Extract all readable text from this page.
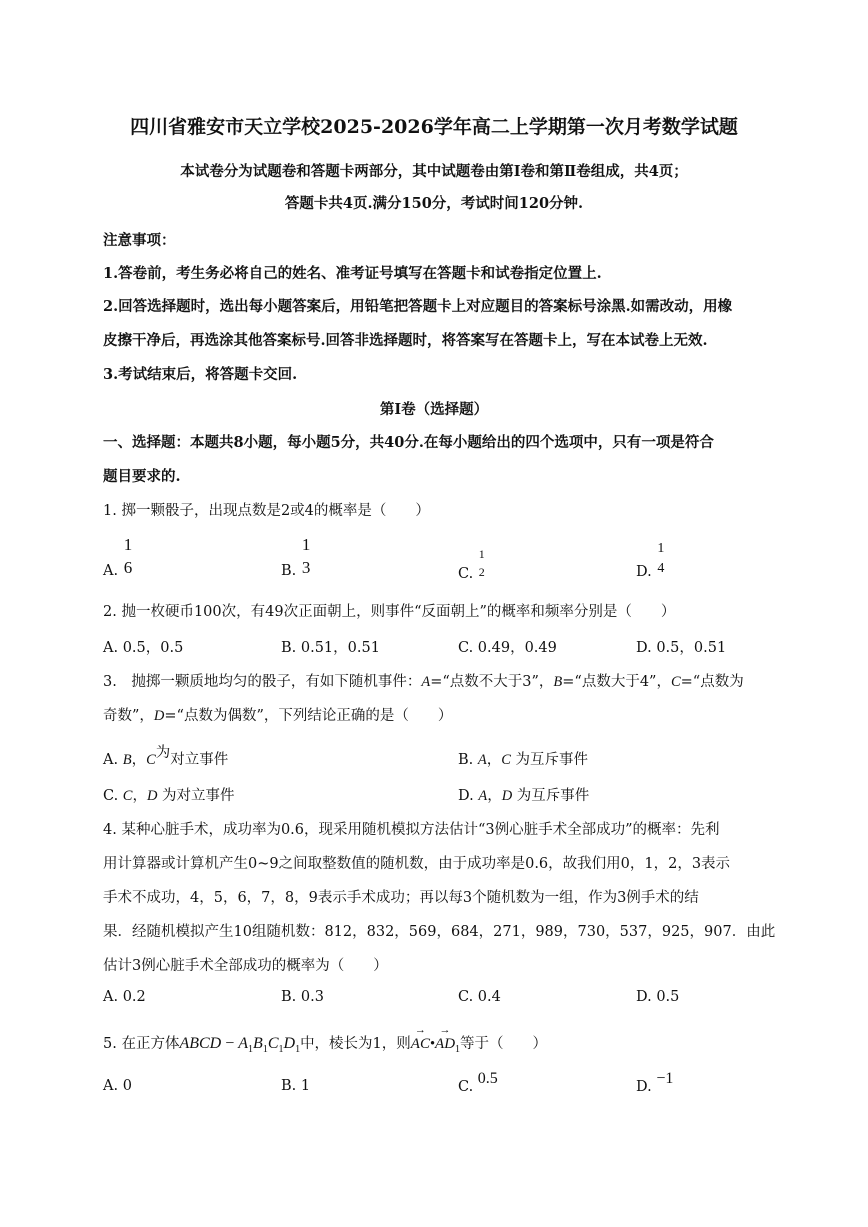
四川省雅安市天立学校2025-2026学年高二上学期第一次月考数学试题
本试卷分为试题卷和答题卡两部分，其中试题卷由第Ⅰ卷和第Ⅱ卷组成，共4页；
答题卡共4页.满分150分，考试时间120分钟.
注意事项：
1.答卷前，考生务必将自己的姓名、准考证号填写在答题卡和试卷指定位置上.
2.回答选择题时，选出每小题答案后，用铅笔把答题卡上对应题目的答案标号涂黑.如需改动，用橡
皮擦干净后，再选涂其他答案标号.回答非选择题时，将答案写在答题卡上，写在本试卷上无效.
3.考试结束后，将答题卡交回.
第Ⅰ卷（选择题）
一、选择题：本题共8小题，每小题5分，共40分.在每小题给出的四个选项中，只有一项是符合
题目要求的.
1. 掷一颗骰子，出现点数是2或4的概率是（　　）
A.
1
6	B.
1
3	C.
1
2	D.
1
4
2. 抛一枚硬币100次，有49次正面朝上，则事件“反面朝上”的概率和频率分别是（　　）
A. 0.5，0.5	B. 0.51，0.51	C. 0.49，0.49	D. 0.5，0.51
3.　抛掷一颗质地均匀的骰子，有如下随机事件：A=“点数不大于3”，B=“点数大于4”，C=“点数为
奇数”，D=“点数为偶数”，下列结论正确的是（　　）
A. B，C为对立事件	B. A，C 为互斥事件
C. C，D 为对立事件	D. A，D 为互斥事件
4. 某种心脏手术，成功率为0.6，现采用随机模拟方法估计“3例心脏手术全部成功”的概率：先利
用计算器或计算机产生0~9之间取整数值的随机数，由于成功率是0.6，故我们用0，1，2，3表示
手术不成功，4，5，6，7，8，9表示手术成功；再以每3个随机数为一组，作为3例手术的结
果．经随机模拟产生10组随机数：812，832，569，684，271，989，730，537，925，907．由此
估计3例心脏手术全部成功的概率为（　　）
A. 0.2	B. 0.3	C. 0.4	D. 0.5
5. 在正方体ABCD − $A_1B_1C_1D_1$中，棱长为1，则→ AC•→ $AD_1$等于（　　）
A. 0	B. 1	C. 0.5	D. −1
